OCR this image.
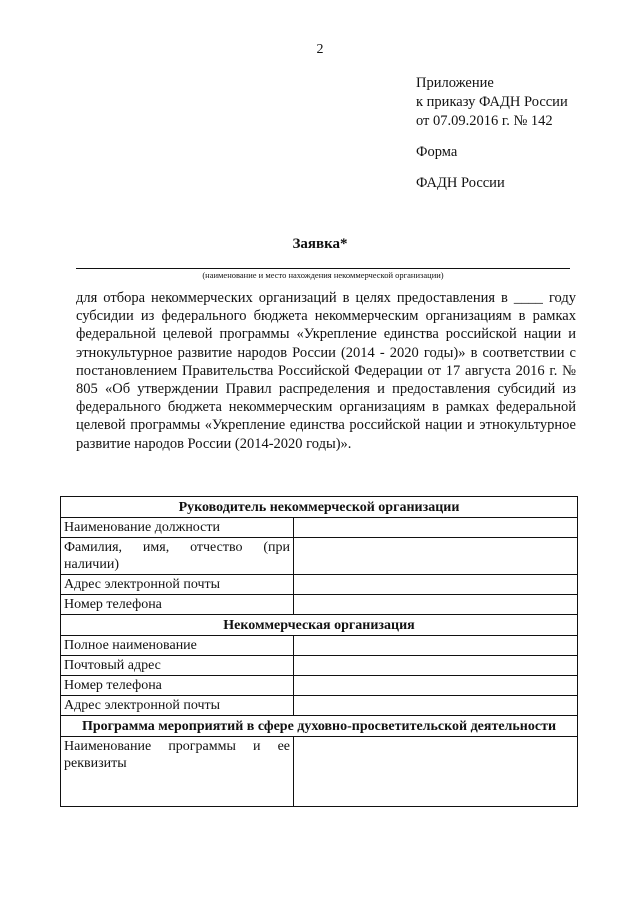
2
Приложение
к приказу ФАДН России
от 07.09.2016 г. № 142
Форма
ФАДН России
Заявка*
(наименование и место нахождения некоммерческой организации)

для отбора некоммерческих организаций в целях предоставления в ____ году субсидии из федерального бюджета некоммерческим организациям в рамках федеральной целевой программы «Укрепление единства российской нации и этнокультурное развитие народов России (2014 - 2020 годы)» в соответствии с постановлением Правительства Российской Федерации от 17 августа 2016 г. № 805 «Об утверждении Правил распределения и предоставления субсидий из федерального бюджета некоммерческим организациям в рамках федеральной целевой программы «Укрепление единства российской нации и этнокультурное развитие народов России (2014-2020 годы)».

Руководитель некоммерческой организации	
Наименование должности	
Фамилия, имя, отчество (при наличии)	
Адрес электронной почты	
Номер телефона	
Некоммерческая организация	
Полное наименование	
Почтовый адрес	
Номер телефона	
Адрес электронной почты	
Программа мероприятий в сфере духовно-просветительской деятельности	
Наименование программы и ее реквизиты	
